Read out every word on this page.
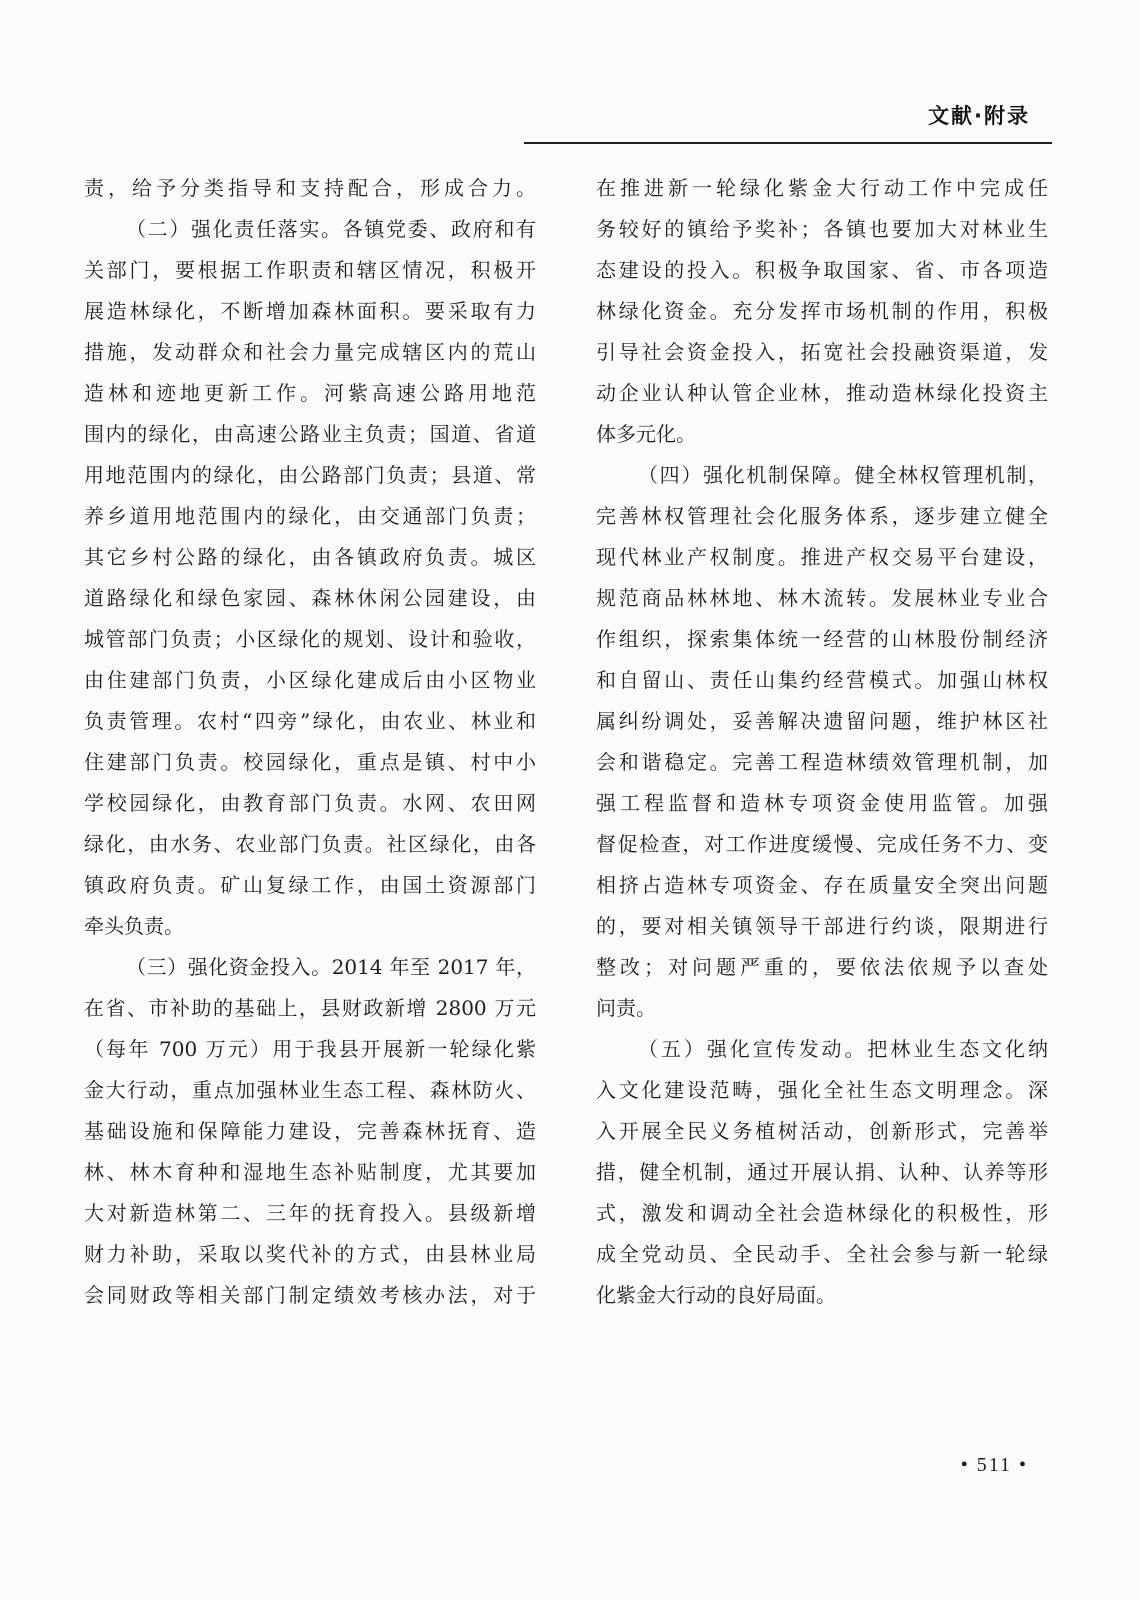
文献·附录
责，给予分类指导和支持配合，形成合力。
（二）强化责任落实。各镇党委、政府和有
关部门，要根据工作职责和辖区情况，积极开
展造林绿化，不断增加森林面积。要采取有力
措施，发动群众和社会力量完成辖区内的荒山
造林和迹地更新工作。河紫高速公路用地范
围内的绿化，由高速公路业主负责；国道、省道
用地范围内的绿化，由公路部门负责；县道、常
养乡道用地范围内的绿化，由交通部门负责；
其它乡村公路的绿化，由各镇政府负责。城区
道路绿化和绿色家园、森林休闲公园建设，由
城管部门负责；小区绿化的规划、设计和验收，
由住建部门负责，小区绿化建成后由小区物业
负责管理。农村“四旁”绿化，由农业、林业和
住建部门负责。校园绿化，重点是镇、村中小
学校园绿化，由教育部门负责。水网、农田网
绿化，由水务、农业部门负责。社区绿化，由各
镇政府负责。矿山复绿工作，由国土资源部门
牵头负责。
（三）强化资金投入。2014 年至 2017 年，
在省、市补助的基础上，县财政新增 2800 万元
（每年 700 万元）用于我县开展新一轮绿化紫
金大行动，重点加强林业生态工程、森林防火、
基础设施和保障能力建设，完善森林抚育、造
林、林木育种和湿地生态补贴制度，尤其要加
大对新造林第二、三年的抚育投入。县级新增
财力补助，采取以奖代补的方式，由县林业局
会同财政等相关部门制定绩效考核办法，对于
在推进新一轮绿化紫金大行动工作中完成任
务较好的镇给予奖补；各镇也要加大对林业生
态建设的投入。积极争取国家、省、市各项造
林绿化资金。充分发挥市场机制的作用，积极
引导社会资金投入，拓宽社会投融资渠道，发
动企业认种认管企业林，推动造林绿化投资主
体多元化。
（四）强化机制保障。健全林权管理机制，
完善林权管理社会化服务体系，逐步建立健全
现代林业产权制度。推进产权交易平台建设，
规范商品林林地、林木流转。发展林业专业合
作组织，探索集体统一经营的山林股份制经济
和自留山、责任山集约经营模式。加强山林权
属纠纷调处，妥善解决遗留问题，维护林区社
会和谐稳定。完善工程造林绩效管理机制，加
强工程监督和造林专项资金使用监管。加强
督促检查，对工作进度缓慢、完成任务不力、变
相挤占造林专项资金、存在质量安全突出问题
的，要对相关镇领导干部进行约谈，限期进行
整改；对问题严重的，要依法依规予以查处
问责。
（五）强化宣传发动。把林业生态文化纳
入文化建设范畴，强化全社生态文明理念。深
入开展全民义务植树活动，创新形式，完善举
措，健全机制，通过开展认捐、认种、认养等形
式，激发和调动全社会造林绿化的积极性，形
成全党动员、全民动手、全社会参与新一轮绿
化紫金大行动的良好局面。
• 511 •
